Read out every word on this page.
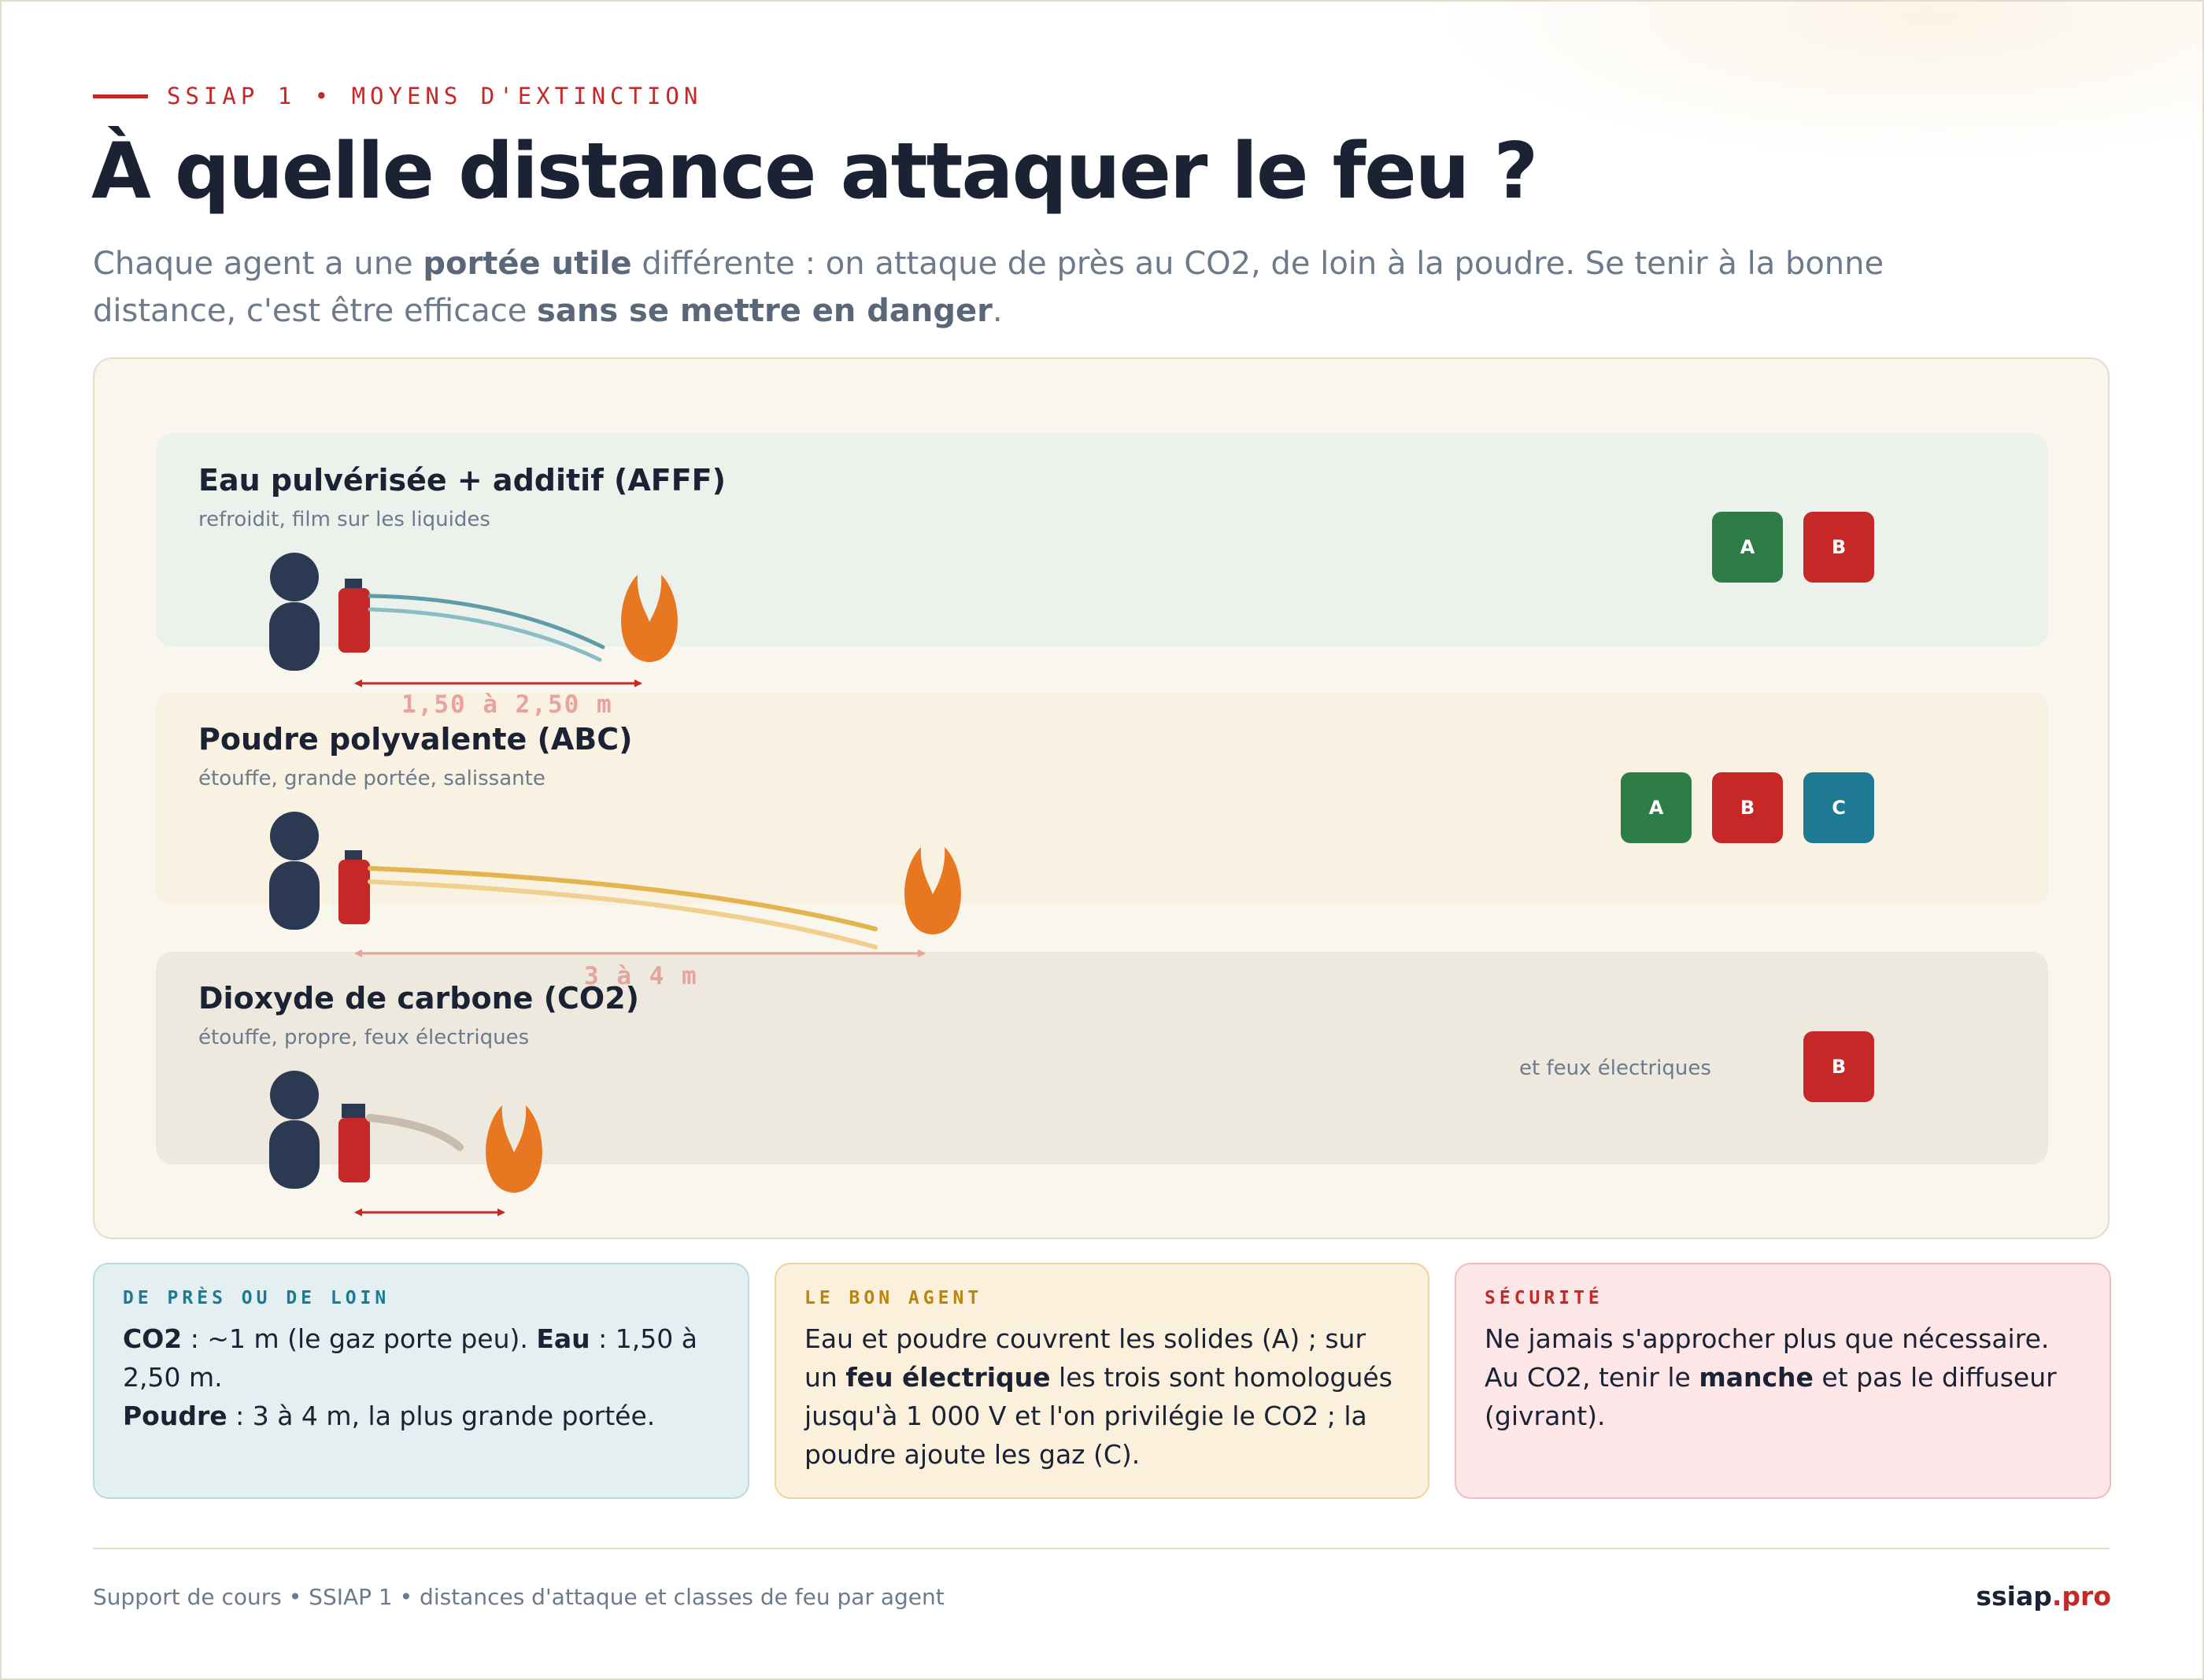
SSIAP 1 • MOYENS D'EXTINCTION
À quelle distance attaquer le feu ?
Chaque agent a une portée utile différente : on attaque de près au CO2, de loin à la poudre. Se tenir à la bonne distance, c'est être efficace sans se mettre en danger.
Eau pulvérisée + additif (AFFF)
refroidit, film sur les liquides
Poudre polyvalente (ABC)
étouffe, grande portée, salissante
Dioxyde de carbone (CO2)
étouffe, propre, feux électriques
A	B
A	B	C
et feux électriques	B
1,50 à 2,50 m
3 à 4 m
DE PRÈS OU DE LOIN
CO2 : ~1 m (le gaz porte peu). Eau : 1,50 à 2,50 m.
Poudre : 3 à 4 m, la plus grande portée.
LE BON AGENT
Eau et poudre couvrent les solides (A) ; sur un feu électrique les trois sont homologués jusqu'à 1 000 V et l'on privilégie le CO2 ; la poudre ajoute les gaz (C).
SÉCURITÉ
Ne jamais s'approcher plus que nécessaire. Au CO2, tenir le manche et pas le diffuseur (givrant).
Support de cours • SSIAP 1 • distances d'attaque et classes de feu par agent	ssiap.pro
